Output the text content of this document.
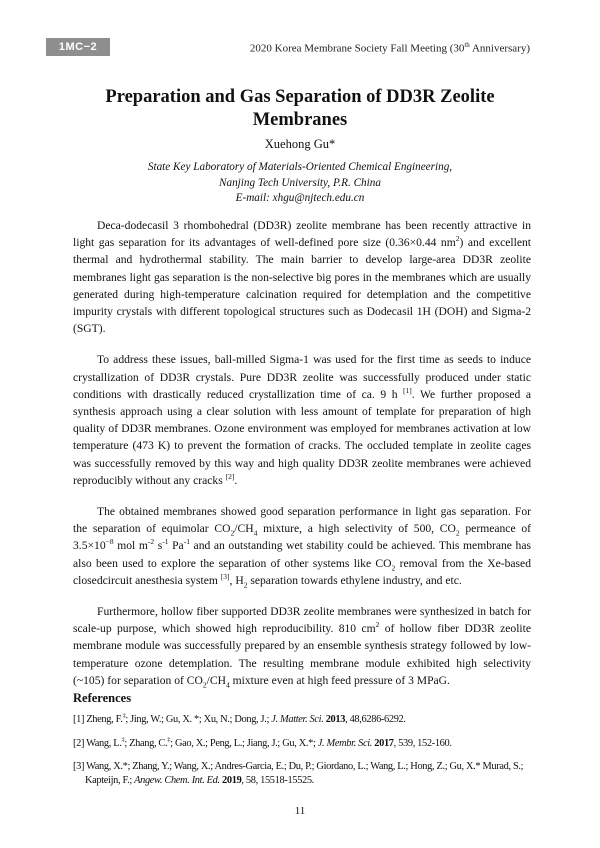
1MC−2	2020 Korea Membrane Society Fall Meeting (30th Anniversary)
Preparation and Gas Separation of DD3R Zeolite
Membranes
Xuehong Gu*
State Key Laboratory of Materials-Oriented Chemical Engineering,
Nanjing Tech University, P.R. China
E-mail: xhgu@njtech.edu.cn

Deca-dodecasil 3 rhombohedral (DD3R) zeolite membrane has been recently attractive in light gas separation for its advantages of well-defined pore size (0.36×0.44 $nm^2$) and excellent thermal and hydrothermal stability. The main barrier to develop large-area DD3R zeolite membranes light gas separation is the non-selective big pores in the membranes which are usually generated during high-temperature calcination required for detemplation and the competitive impurity crystals with different topological structures such as Dodecasil 1H (DOH) and Sigma-2 (SGT).

To address these issues, ball-milled Sigma-1 was used for the first time as seeds to induce crystallization of DD3R crystals. Pure DD3R zeolite was successfully produced under static conditions with drastically reduced crystallization time of ca. 9 h [1]. We further proposed a synthesis approach using a clear solution with less amount of template for preparation of high quality of DD3R membranes. Ozone environment was employed for membranes activation at low temperature (473 K) to prevent the formation of cracks. The occluded template in zeolite cages was successfully removed by this way and high quality DD3R zeolite membranes were achieved reproducibly without any cracks [2].

The obtained membranes showed good separation performance in light gas separation. For the separation of equimolar $CO_2/CH_4$ mixture, a high selectivity of 500, $CO_2$ permeance of $3.5\times 10^{-8}$ mol $m^{-2}$ $s^{-1}$ $Pa^{-1}$ and an outstanding wet stability could be achieved. This membrane has also been used to explore the separation of other systems like $CO_2$ removal from the Xe-based closedcircuit anesthesia system [3], $H_2$ separation towards ethylene industry, and etc.

Furthermore, hollow fiber supported DD3R zeolite membranes were synthesized in batch for scale-up purpose, which showed high reproducibility. 810 $cm^2$ of hollow fiber DD3R zeolite membrane module was successfully prepared by an ensemble synthesis strategy followed by low-temperature ozone detemplation. The resulting membrane module exhibited high selectivity (~105) for separation of $CO_2/CH_4$ mixture even at high feed pressure of 3 MPaG.

References
[1] Zheng, F.‡; Jing, W.; Gu, X. *; Xu, N.; Dong, J.; J. Matter. Sci. 2013, 48,6286-6292.
[2] Wang, L.‡; Zhang, C.‡; Gao, X.; Peng, L.; Jiang, J.; Gu, X.*; J. Membr. Sci. 2017, 539, 152-160.
[3] Wang, X.*; Zhang, Y.; Wang, X.; Andres-Garcia, E.; Du, P.; Giordano, L.; Wang, L.; Hong, Z.; Gu, X.* Murad, S.; Kapteijn, F.; Angew. Chem. Int. Ed. 2019, 58, 15518-15525.
11
